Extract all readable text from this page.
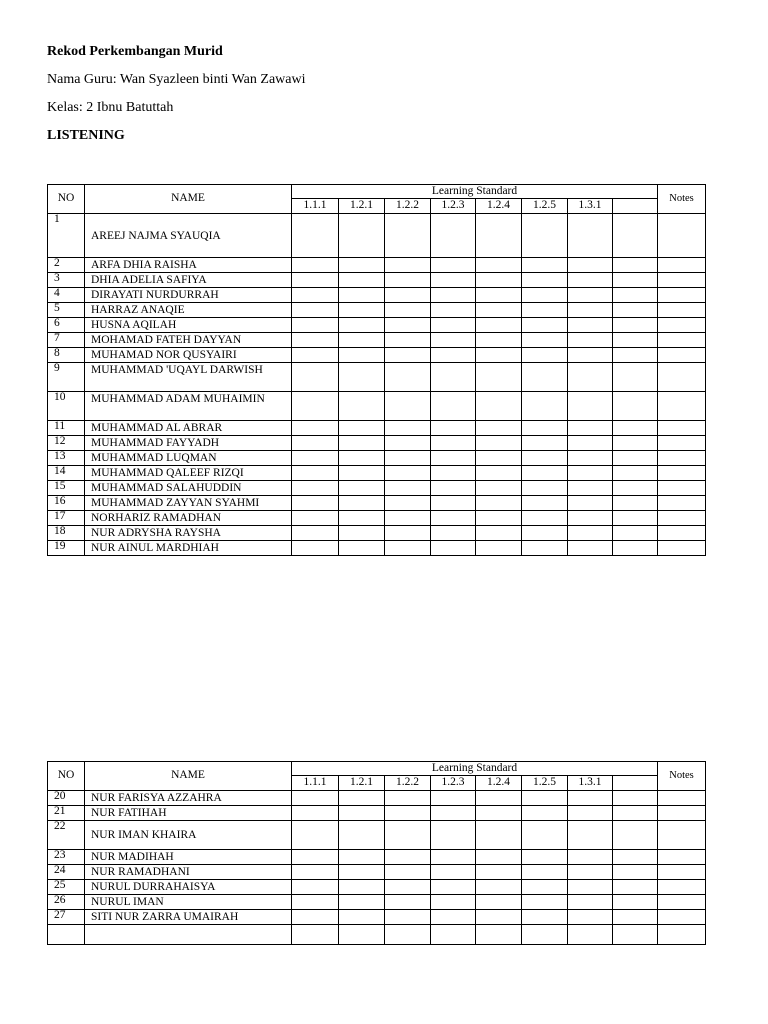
Rekod Perkembangan Murid
Nama Guru: Wan Syazleen binti Wan Zawawi
Kelas: 2 Ibnu Batuttah
LISTENING
NO	NAME	Learning Standard								Notes
		1.1.1	1.2.1	1.2.2	1.2.3	1.2.4	1.2.5	1.3.1		
1	AREEJ NAJMA SYAUQIA									
2	ARFA DHIA RAISHA									
3	DHIA ADELIA SAFIYA									
4	DIRAYATI NURDURRAH									
5	HARRAZ ANAQIE									
6	HUSNA AQILAH									
7	MOHAMAD FATEH DAYYAN									
8	MUHAMAD NOR QUSYAIRI									
9	MUHAMMAD 'UQAYL DARWISH									
10	MUHAMMAD ADAM MUHAIMIN									
11	MUHAMMAD AL ABRAR									
12	MUHAMMAD FAYYADH									
13	MUHAMMAD LUQMAN									
14	MUHAMMAD QALEEF RIZQI									
15	MUHAMMAD SALAHUDDIN									
16	MUHAMMAD ZAYYAN SYAHMI									
17	NORHARIZ RAMADHAN									
18	NUR ADRYSHA RAYSHA									
19	NUR AINUL MARDHIAH									
NO	NAME	Learning Standard								Notes
		1.1.1	1.2.1	1.2.2	1.2.3	1.2.4	1.2.5	1.3.1		
20	NUR FARISYA AZZAHRA									
21	NUR FATIHAH									
22	NUR IMAN KHAIRA									
23	NUR MADIHAH									
24	NUR RAMADHANI									
25	NURUL DURRAHAISYA									
26	NURUL IMAN									
27	SITI NUR ZARRA UMAIRAH									
